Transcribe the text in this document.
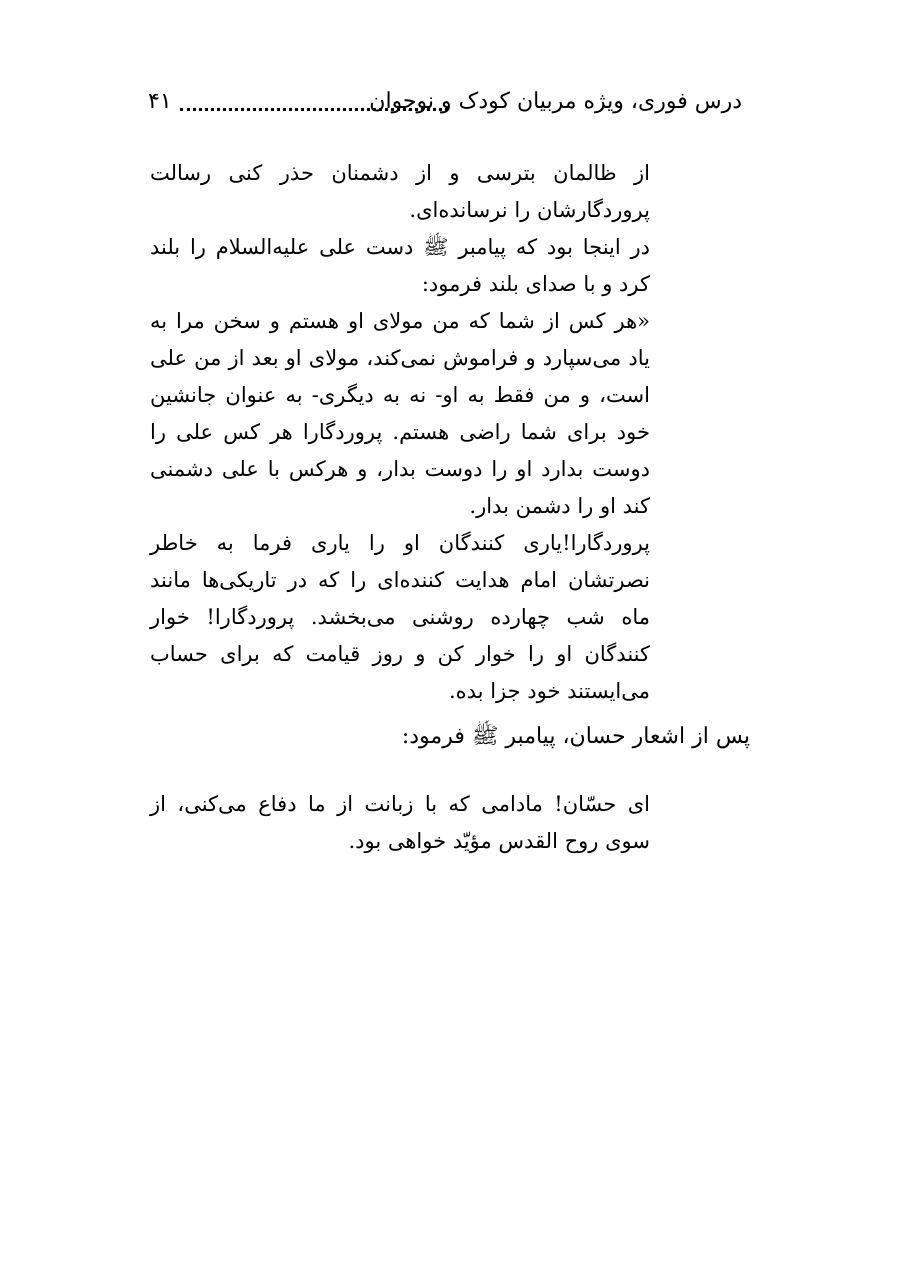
درس فوری، ویژه مربیان کودک و نوجوان
۴۱

از ظالمان بترسی و از دشمنان حذر کنی رسالت پروردگارشان را نرسانده‌ای.

در اینجا بود که پیامبر ﷺ دست علی علیه‌السلام را بلند کرد و با صدای بلند فرمود:

«هر کس از شما که من مولای او هستم و سخن مرا به یاد می‌سپارد و فراموش نمی‌کند، مولای او بعد از من علی است، و من فقط به او- نه به دیگری- به عنوان جانشین خود برای شما راضی هستم. پروردگارا هر کس علی را دوست بدارد او را دوست بدار، و هرکس با علی دشمنی کند او را دشمن بدار.

پروردگارا!یاری کنندگان او را یاری فرما به خاطر نصرتشان امام هدایت کننده‌ای را که در تاریکی‌ها مانند ماه شب چهارده روشنی می‌بخشد. پروردگارا! خوار کنندگان او را خوار کن و روز قیامت که برای حساب می‌ایستند خود جزا بده.

پس از اشعار حسان، پیامبر ﷺ فرمود:

ای حسّان! مادامی که با زبانت از ما دفاع می‌کنی، از سوی روح القدس مؤیّد خواهی بود.
